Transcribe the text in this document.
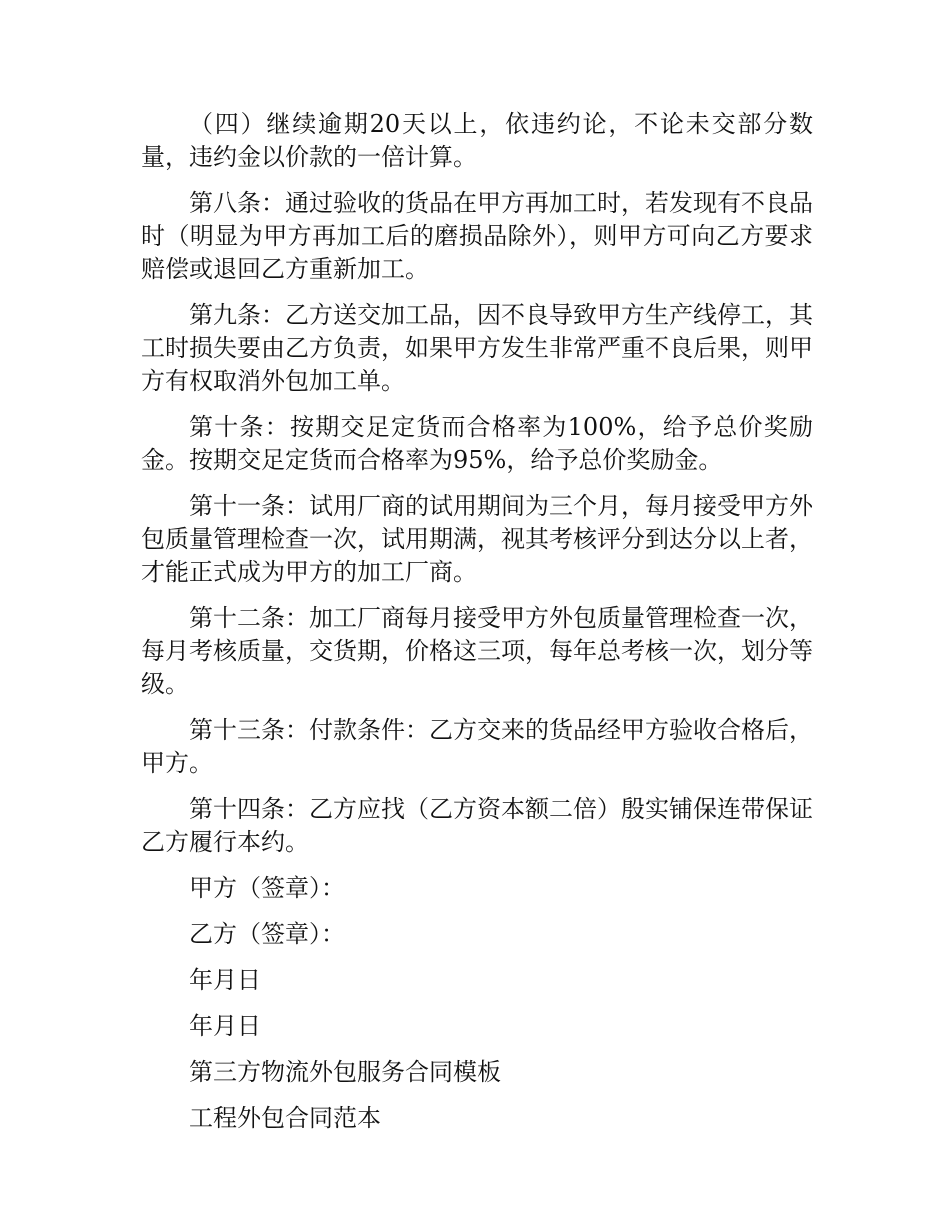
（四）继续逾期20天以上，依违约论，不论未交部分数量，违约金以价款的一倍计算。

第八条：通过验收的货品在甲方再加工时，若发现有不良品时（明显为甲方再加工后的磨损品除外），则甲方可向乙方要求赔偿或退回乙方重新加工。

第九条：乙方送交加工品，因不良导致甲方生产线停工，其工时损失要由乙方负责，如果甲方发生非常严重不良后果，则甲方有权取消外包加工单。

第十条：按期交足定货而合格率为100%，给予总价奖励金。按期交足定货而合格率为95%，给予总价奖励金。

第十一条：试用厂商的试用期间为三个月，每月接受甲方外包质量管理检查一次，试用期满，视其考核评分到达分以上者，才能正式成为甲方的加工厂商。

第十二条：加工厂商每月接受甲方外包质量管理检查一次，每月考核质量，交货期，价格这三项，每年总考核一次，划分等级。

第十三条：付款条件：乙方交来的货品经甲方验收合格后，甲方。

第十四条：乙方应找（乙方资本额二倍）殷实铺保连带保证乙方履行本约。

甲方（签章）：

乙方（签章）：

年月日

年月日

第三方物流外包服务合同模板

工程外包合同范本
